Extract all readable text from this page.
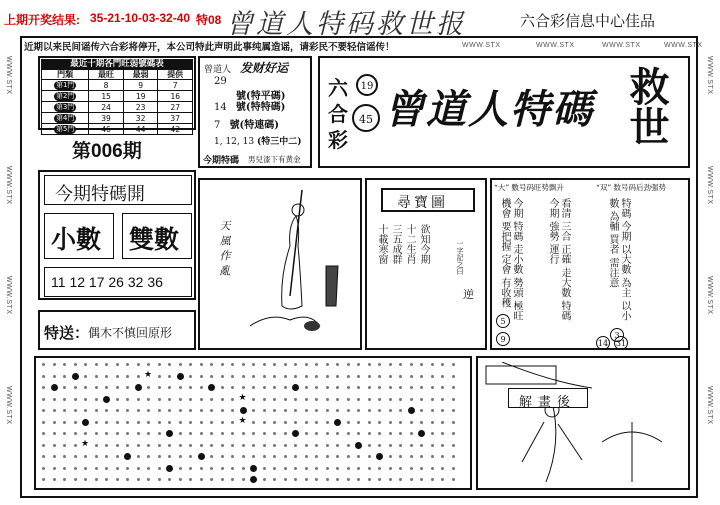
上期开奖结果: 35-21-10-03-32-40 特08 曾道人特码救世报	六合彩信息中心佳品
WWW.STX
WWW.STX
WWW.STX
WWW.STX
WWW.STX
WWW.STX
WWW.STX
WWW.STX
近期以来民间谣传六合彩将停开，本公司特此声明此事纯属造谣，请彩民不要轻信谣传！	WWW.STX	WWW.STX	WWW.STX	WWW.STX
最近十期各門旺弱號碼表
門類	最旺	最弱	提供
第1門	8	9	7
第2門	15	19	16
第3門	24	23	27
第4門	39	32	37
第5門	46	44	42
第006期
曾道人 发财好运
29
號(特平碼)
14 號(特特碼)
7 號(特連碼)
1, 12, 13 (特三中二)
今期特碼 男兒漆下有黄金
六
合
彩
19
45 曾道人特碼 救世
今期特碼開
小數 雙數
11 12 17 26 32 36
特送：
偶木不慎回原形
天風作亂
尋寶圖
欲知今期
十二生肖
三五成群
十載寒窗	一字記之曰
逆
“大” 數号码旺势飘升	“双” 数号码后劲强势
今期 特碼 走小數 勢頭 極旺 機會 要把握 定會 有收穫	看清 三合 正確 走大數 特碼 今期 強勢 運行	特碼 今期 以大數 為主 以小數 為輔 買者 需注意
5
9	3
14 31
★
★
★
★
解畫後
